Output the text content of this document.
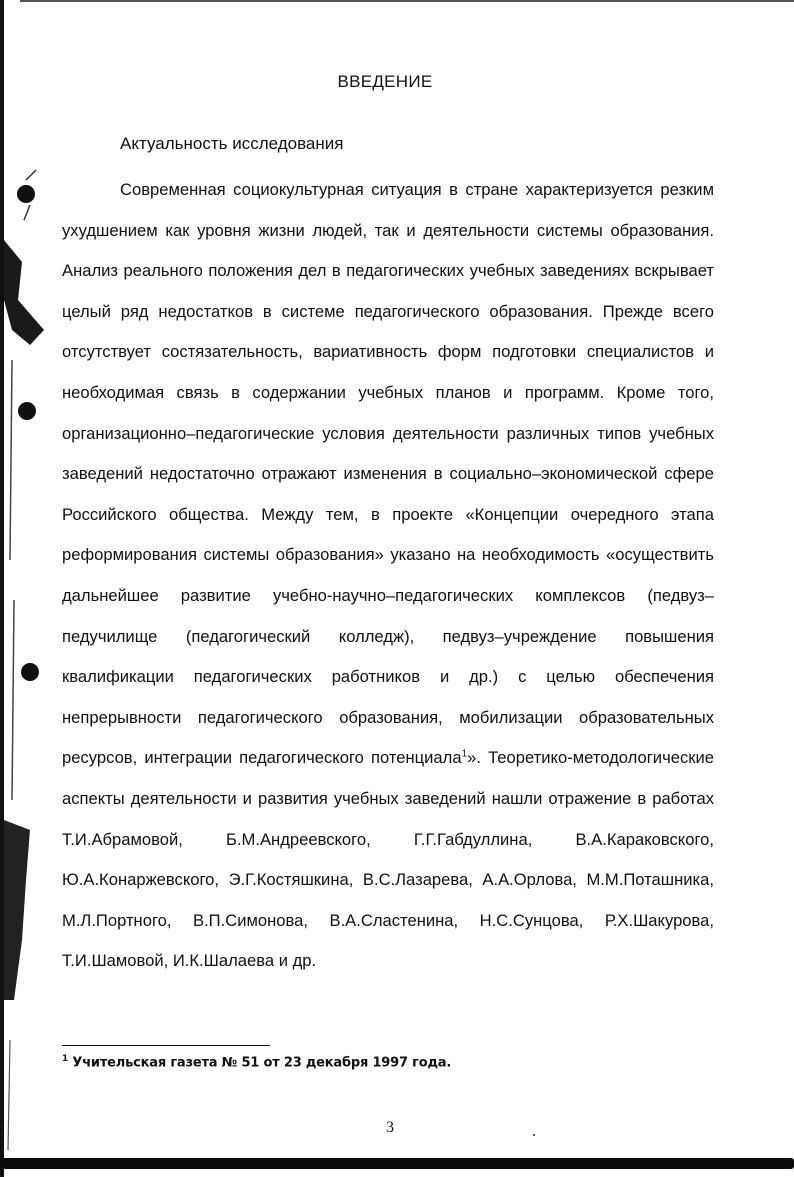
ВВЕДЕНИЕ
Актуальность исследования

Современная социокультурная ситуация в стране характеризуется резким ухудшением как уровня жизни людей, так и деятельности системы образования. Анализ реального положения дел в педагогических учебных заведениях вскрывает целый ряд недостатков в системе педагогического образования. Прежде всего отсутствует состязательность, вариативность форм подготовки специалистов и необходимая связь в содержании учебных планов и программ. Кроме того, организационно–педагогические условия деятельности различных типов учебных заведений недостаточно отражают изменения в социально–экономической сфере Российского общества. Между тем, в проекте «Концепции очередного этапа реформирования системы образования» указано на необходимость «осуществить дальнейшее развитие учебно-научно–педагогических комплексов (педвуз–педучилище (педагогический колледж), педвуз–учреждение повышения квалификации педагогических работников и др.) с целью обеспечения непрерывности педагогического образования, мобилизации образовательных ресурсов, интеграции педагогического потенциала$^1$». Теоретико-методологические аспекты деятельности и развития учебных заведений нашли отражение в работах Т.И.Абрамовой, Б.М.Андреевского, Г.Г.Габдуллина, В.А.Караковского, Ю.А.Конаржевского, Э.Г.Костяшкина, В.С.Лазарева, А.А.Орлова, М.М.Поташника, М.Л.Портного, В.П.Симонова, В.А.Сластенина, Н.С.Сунцова, Р.Х.Шакурова, Т.И.Шамовой, И.К.Шалаева и др.

$^1$ Учительская газета № 51 от 23 декабря 1997 года.
3
